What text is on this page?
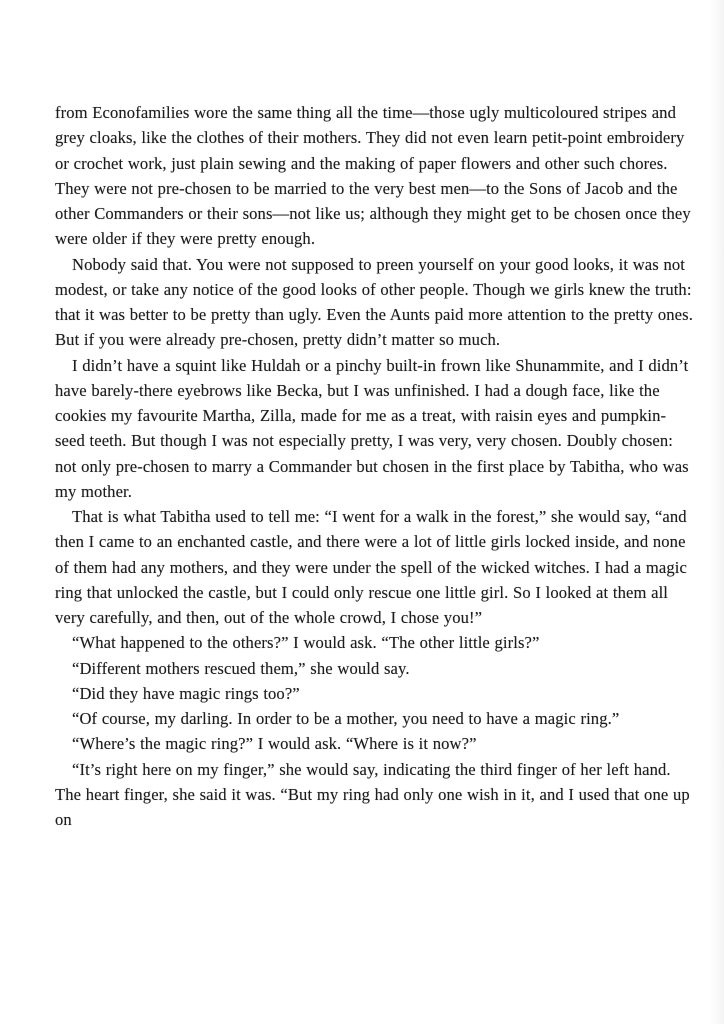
from Econofamilies wore the same thing all the time—those ugly multicoloured stripes and grey cloaks, like the clothes of their mothers. They did not even learn petit-point embroidery or crochet work, just plain sewing and the making of paper flowers and other such chores. They were not pre-chosen to be married to the very best men—to the Sons of Jacob and the other Commanders or their sons—not like us; although they might get to be chosen once they were older if they were pretty enough.

Nobody said that. You were not supposed to preen yourself on your good looks, it was not modest, or take any notice of the good looks of other people. Though we girls knew the truth: that it was better to be pretty than ugly. Even the Aunts paid more attention to the pretty ones. But if you were already pre-chosen, pretty didn’t matter so much.

I didn’t have a squint like Huldah or a pinchy built-in frown like Shunammite, and I didn’t have barely-there eyebrows like Becka, but I was unfinished. I had a dough face, like the cookies my favourite Martha, Zilla, made for me as a treat, with raisin eyes and pumpkin-seed teeth. But though I was not especially pretty, I was very, very chosen. Doubly chosen: not only pre-chosen to marry a Commander but chosen in the first place by Tabitha, who was my mother.

That is what Tabitha used to tell me: “I went for a walk in the forest,” she would say, “and then I came to an enchanted castle, and there were a lot of little girls locked inside, and none of them had any mothers, and they were under the spell of the wicked witches. I had a magic ring that unlocked the castle, but I could only rescue one little girl. So I looked at them all very carefully, and then, out of the whole crowd, I chose you!”

“What happened to the others?” I would ask. “The other little girls?”

“Different mothers rescued them,” she would say.

“Did they have magic rings too?”

“Of course, my darling. In order to be a mother, you need to have a magic ring.”

“Where’s the magic ring?” I would ask. “Where is it now?”

“It’s right here on my finger,” she would say, indicating the third finger of her left hand. The heart finger, she said it was. “But my ring had only one wish in it, and I used that one up on
